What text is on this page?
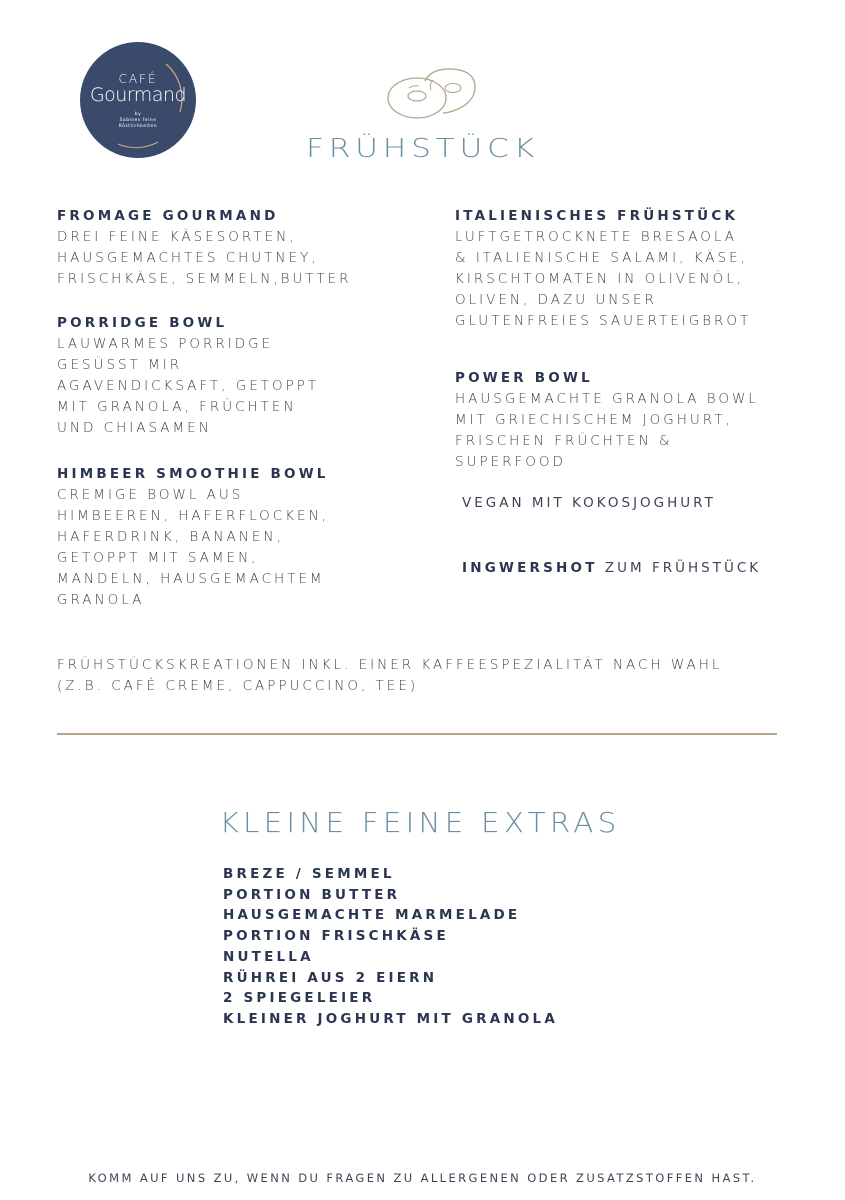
CAFÉ
Gourmand
by
Sabines feine
Köstlichkeiten
FRÜHSTÜCK
FROMAGE GOURMAND
DREI FEINE KÄSESORTEN,
HAUSGEMACHTES CHUTNEY,
FRISCHKÄSE, SEMMELN,BUTTER
PORRIDGE BOWL
LAUWARMES PORRIDGE
GESÜSST MIR
AGAVENDICKSAFT, GETOPPT
MIT GRANOLA, FRÜCHTEN
UND CHIASAMEN
HIMBEER SMOOTHIE BOWL
CREMIGE BOWL AUS
HIMBEEREN, HAFERFLOCKEN,
HAFERDRINK, BANANEN,
GETOPPT MIT SAMEN,
MANDELN, HAUSGEMACHTEM
GRANOLA
ITALIENISCHES FRÜHSTÜCK
LUFTGETROCKNETE BRESAOLA
& ITALIENISCHE SALAMI, KÄSE,
KIRSCHTOMATEN IN OLIVENÖL,
OLIVEN, DAZU UNSER
GLUTENFREIES SAUERTEIGBROT
POWER BOWL
HAUSGEMACHTE GRANOLA BOWL
MIT GRIECHISCHEM JOGHURT,
FRISCHEN FRÜCHTEN &
SUPERFOOD
VEGAN MIT KOKOSJOGHURT
INGWERSHOT ZUM FRÜHSTÜCK
FRÜHSTÜCKSKREATIONEN INKL. EINER KAFFEESPEZIALITÄT NACH WAHL
(Z.B. CAFÉ CREME, CAPPUCCINO, TEE)
KLEINE FEINE EXTRAS
BREZE / SEMMEL
PORTION BUTTER
HAUSGEMACHTE MARMELADE
PORTION FRISCHKÄSE
NUTELLA
RÜHREI AUS 2 EIERN
2 SPIEGELEIER
KLEINER JOGHURT MIT GRANOLA
KOMM AUF UNS ZU, WENN DU FRAGEN ZU ALLERGENEN ODER ZUSATZSTOFFEN HAST.
